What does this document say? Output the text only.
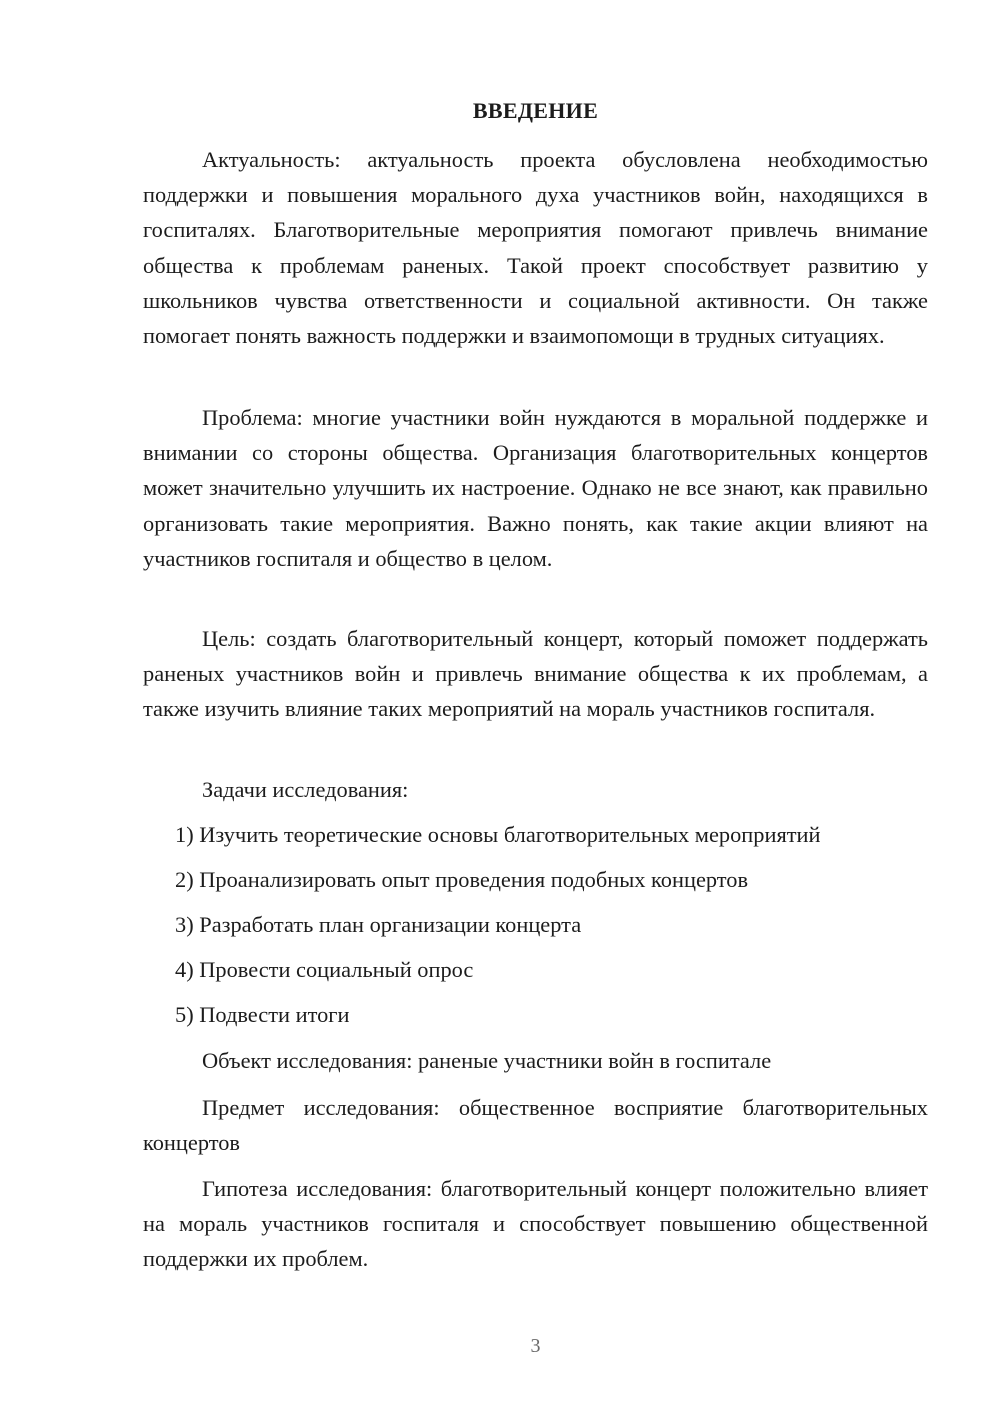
ВВЕДЕНИЕ

Актуальность: актуальность проекта обусловлена необходимостью поддержки и повышения морального духа участников войн, находящихся в госпиталях. Благотворительные мероприятия помогают привлечь внимание общества к проблемам раненых. Такой проект способствует развитию у школьников чувства ответственности и социальной активности. Он также помогает понять важность поддержки и взаимопомощи в трудных ситуациях.

Проблема: многие участники войн нуждаются в моральной поддержке и внимании со стороны общества. Организация благотворительных концертов может значительно улучшить их настроение. Однако не все знают, как правильно организовать такие мероприятия. Важно понять, как такие акции влияют на участников госпиталя и общество в целом.

Цель: создать благотворительный концерт, который поможет поддержать раненых участников войн и привлечь внимание общества к их проблемам, а также изучить влияние таких мероприятий на мораль участников госпиталя.

Задачи исследования:

1) Изучить теоретические основы благотворительных мероприятий

2) Проанализировать опыт проведения подобных концертов

3) Разработать план организации концерта

4) Провести социальный опрос

5) Подвести итоги

Объект исследования: раненые участники войн в госпитале

Предмет исследования: общественное восприятие благотворительных концертов

Гипотеза исследования: благотворительный концерт положительно влияет на мораль участников госпиталя и способствует повышению общественной поддержки их проблем.

3
